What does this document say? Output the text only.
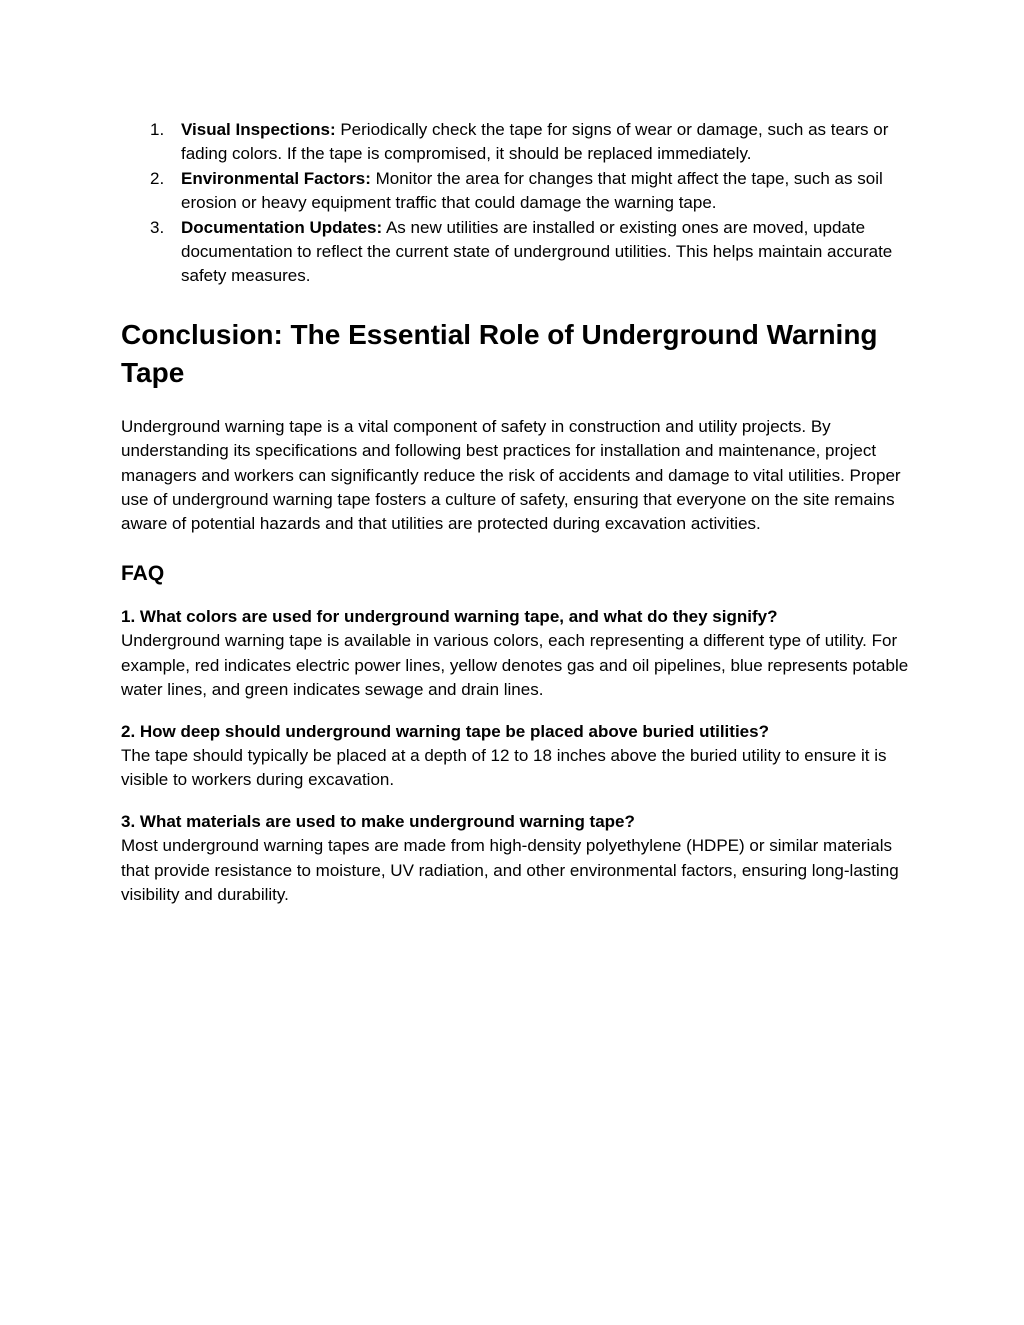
1. Visual Inspections: Periodically check the tape for signs of wear or damage, such as tears or fading colors. If the tape is compromised, it should be replaced immediately.
2. Environmental Factors: Monitor the area for changes that might affect the tape, such as soil erosion or heavy equipment traffic that could damage the warning tape.
3. Documentation Updates: As new utilities are installed or existing ones are moved, update documentation to reflect the current state of underground utilities. This helps maintain accurate safety measures.
Conclusion: The Essential Role of Underground Warning Tape

Underground warning tape is a vital component of safety in construction and utility projects. By understanding its specifications and following best practices for installation and maintenance, project managers and workers can significantly reduce the risk of accidents and damage to vital utilities. Proper use of underground warning tape fosters a culture of safety, ensuring that everyone on the site remains aware of potential hazards and that utilities are protected during excavation activities.

FAQ
1. What colors are used for underground warning tape, and what do they signify?
Underground warning tape is available in various colors, each representing a different type of utility. For example, red indicates electric power lines, yellow denotes gas and oil pipelines, blue represents potable water lines, and green indicates sewage and drain lines.
2. How deep should underground warning tape be placed above buried utilities?
The tape should typically be placed at a depth of 12 to 18 inches above the buried utility to ensure it is visible to workers during excavation.
3. What materials are used to make underground warning tape?
Most underground warning tapes are made from high-density polyethylene (HDPE) or similar materials that provide resistance to moisture, UV radiation, and other environmental factors, ensuring long-lasting visibility and durability.
